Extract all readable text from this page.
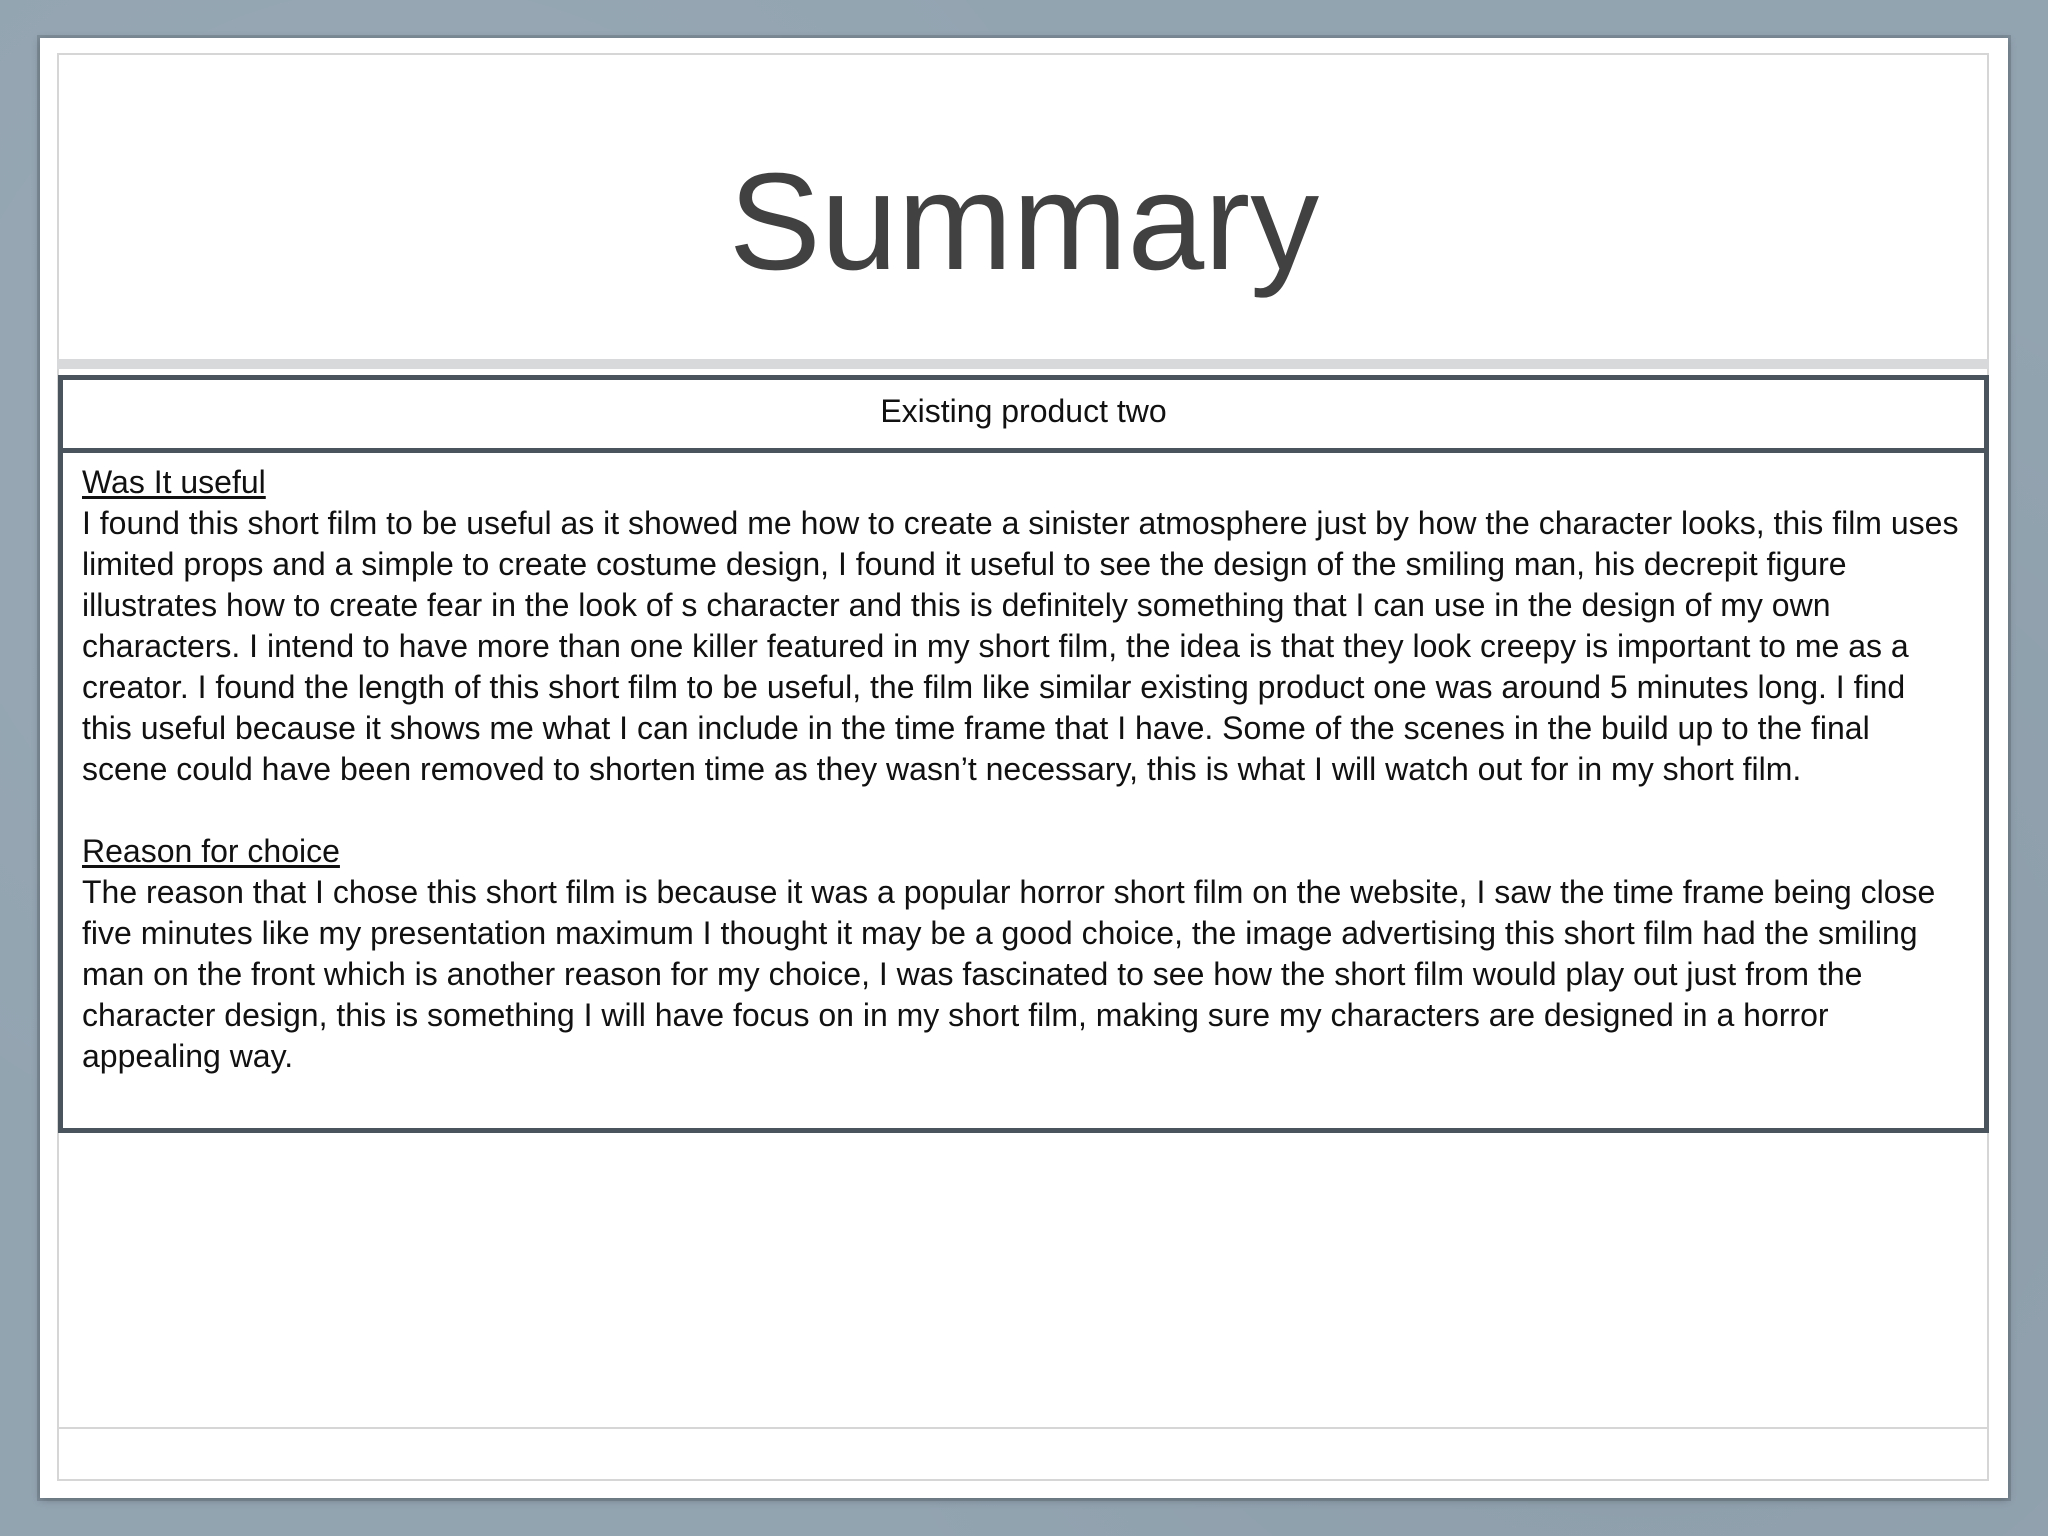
Summary
Existing product two
Was It useful

I found this short film to be useful as it showed me how to create a sinister atmosphere just by how the character looks, this film uses limited props and a simple to create costume design, I found it useful to see the design of the smiling man, his decrepit figure illustrates how to create fear in the look of s character and this is definitely something that I can use in the design of my own characters. I intend to have more than one killer featured in my short film, the idea is that they look creepy is important to me as a creator. I found the length of this short film to be useful, the film like similar existing product one was around 5 minutes long. I find this useful because it shows me what I can include in the time frame that I have. Some of the scenes in the build up to the final scene could have been removed to shorten time as they wasn’t necessary, this is what I will watch out for in my short film.

Reason for choice

The reason that I chose this short film is because it was a popular horror short film on the website, I saw the time frame being close five minutes like my presentation maximum I thought it may be a good choice, the image advertising this short film had the smiling man on the front which is another reason for my choice, I was fascinated to see how the short film would play out just from the character design, this is something I will have focus on in my short film, making sure my characters are designed in a horror appealing way.
